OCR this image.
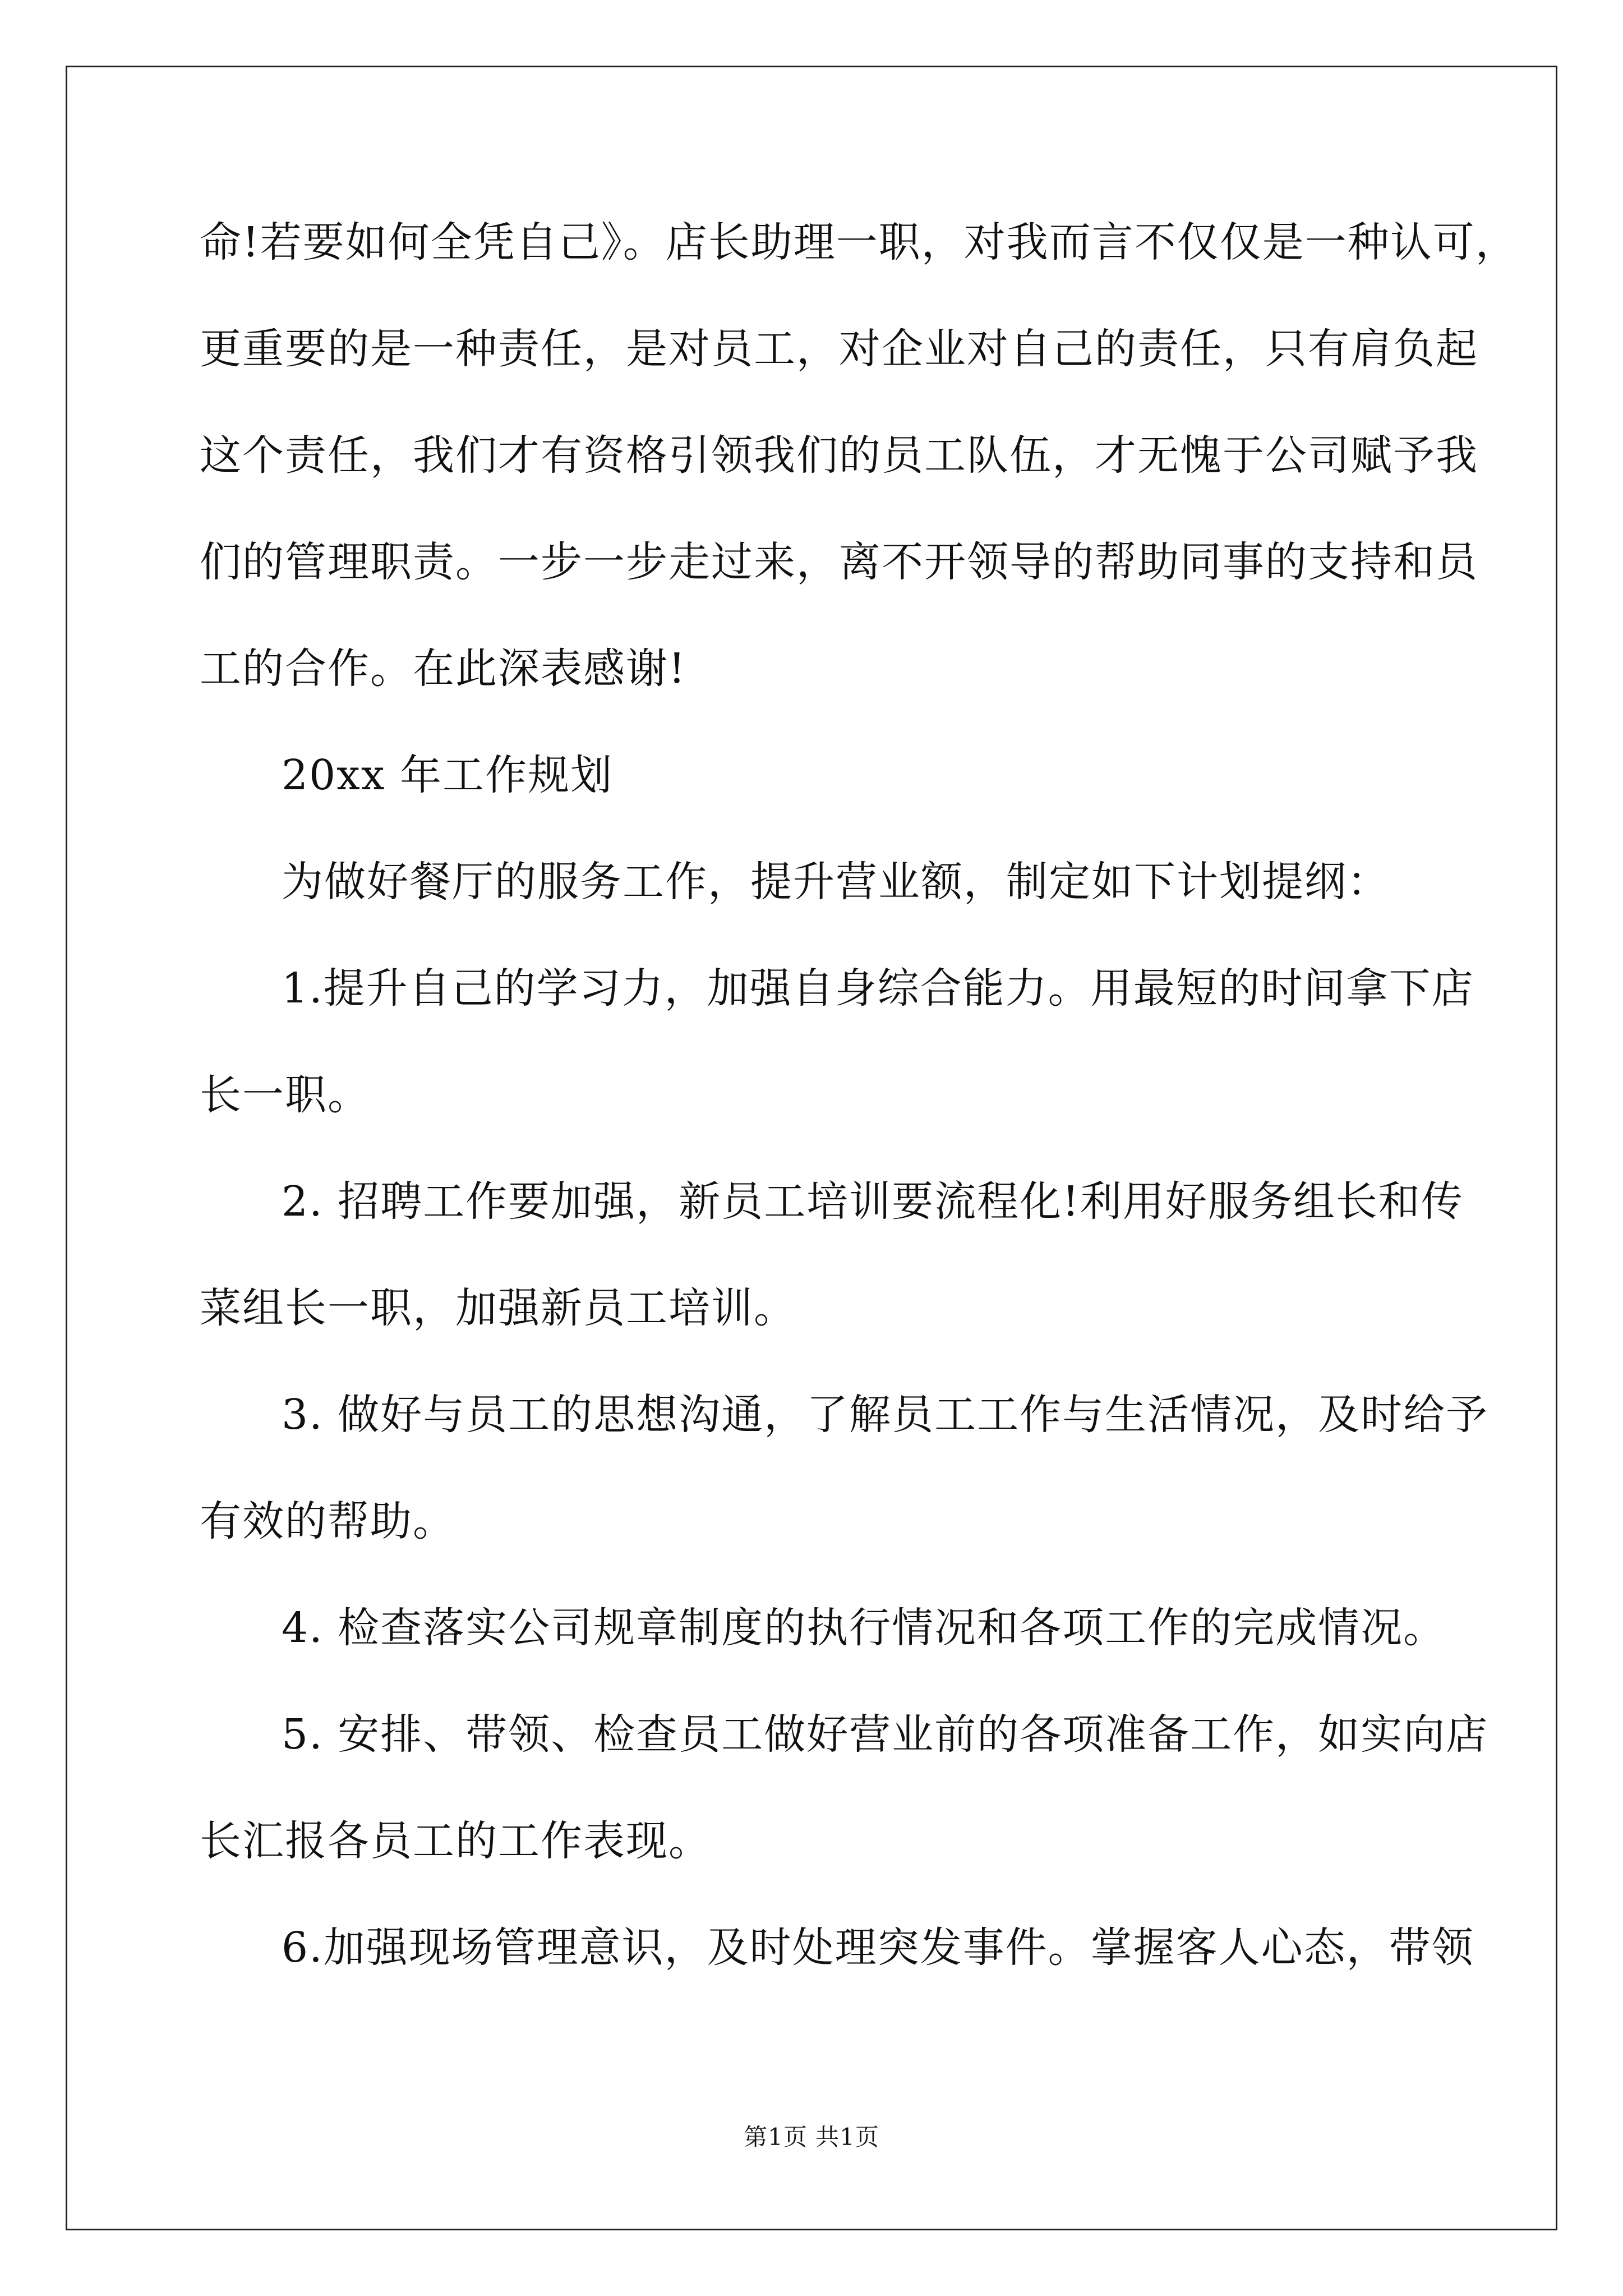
命!若要如何全凭自己》。店长助理一职，对我而言不仅仅是一种认可，
更重要的是一种责任，是对员工，对企业对自己的责任，只有肩负起
这个责任，我们才有资格引领我们的员工队伍，才无愧于公司赋予我
们的管理职责。一步一步走过来，离不开领导的帮助同事的支持和员
工的合作。在此深表感谢!
20xx 年工作规划
为做好餐厅的服务工作，提升营业额，制定如下计划提纲：
1.提升自己的学习力，加强自身综合能力。用最短的时间拿下店
长一职。
2. 招聘工作要加强，新员工培训要流程化!利用好服务组长和传
菜组长一职，加强新员工培训。
3. 做好与员工的思想沟通，了解员工工作与生活情况，及时给予
有效的帮助。
4. 检查落实公司规章制度的执行情况和各项工作的完成情况。
5. 安排、带领、检查员工做好营业前的各项准备工作，如实向店
长汇报各员工的工作表现。
6.加强现场管理意识，及时处理突发事件。掌握客人心态，带领
第1页 共1页
